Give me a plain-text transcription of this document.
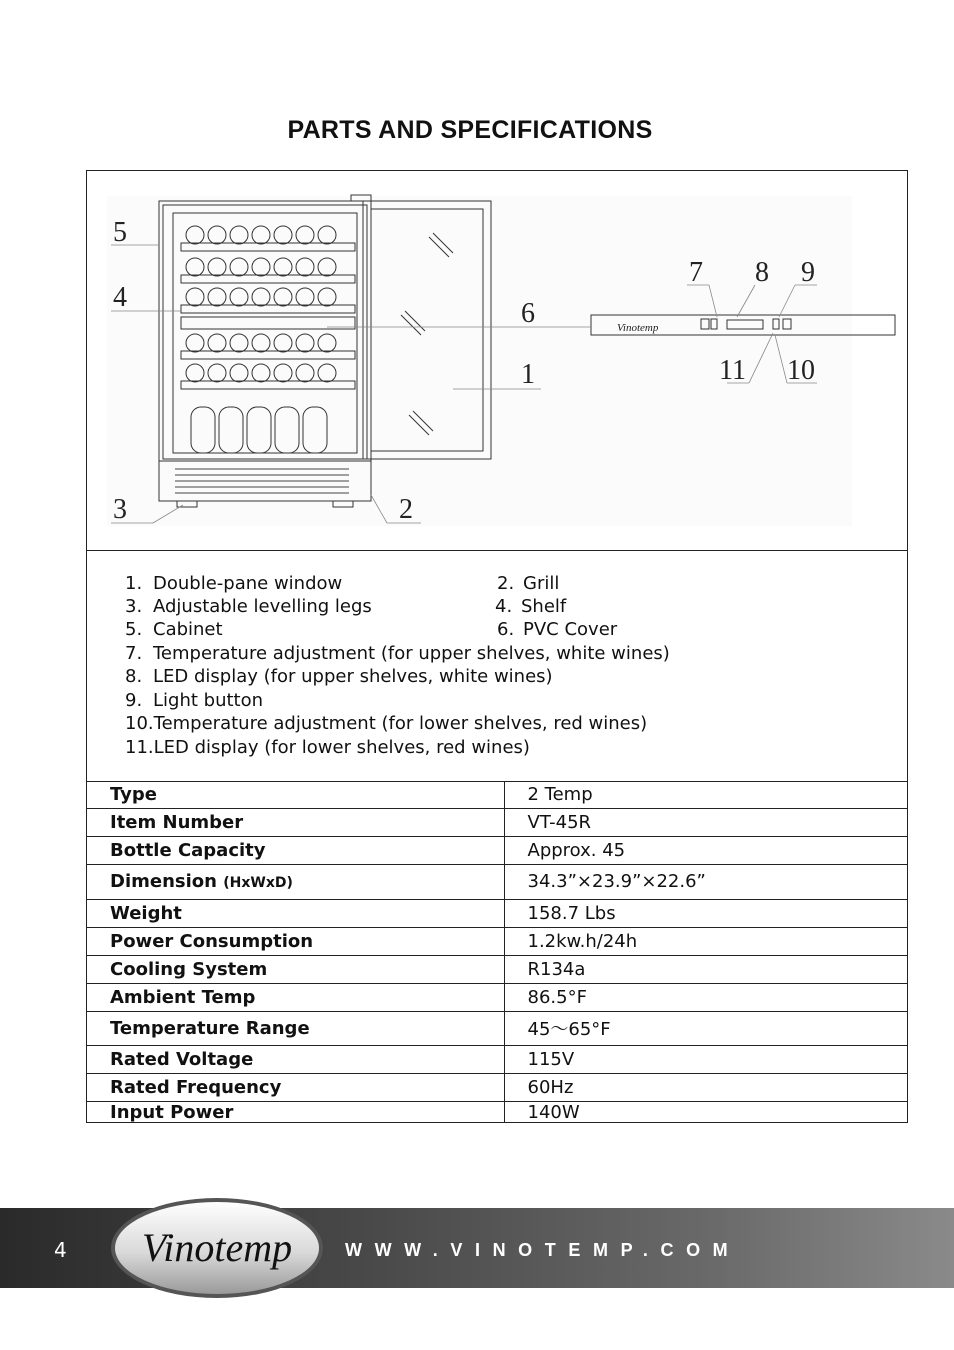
PARTS AND SPECIFICATIONS
Vinotemp
5
4
6
1
3	2
7 8 9
11 10
1. Double-pane window	2. Grill
3. Adjustable levelling legs	4. Shelf
5. Cabinet	6. PVC Cover
7. Temperature adjustment (for upper shelves, white wines)
8. LED display (for upper shelves, white wines)
9. Light button
10.Temperature adjustment (for lower shelves, red wines)
11.LED display (for lower shelves, red wines)
Type	2 Temp
Item Number	VT-45R
Bottle Capacity	Approx. 45
Dimension (HxWxD)	34.3”×23.9”×22.6”
Weight	158.7 Lbs
Power Consumption	1.2kw.h/24h
Cooling System	R134a
Ambient Temp	86.5°F
Temperature Range	45～65°F
Rated Voltage	115V
Rated Frequency	60Hz
Input Power	140W
4 Vinotemp	WWW.VINOTEMP.COM
